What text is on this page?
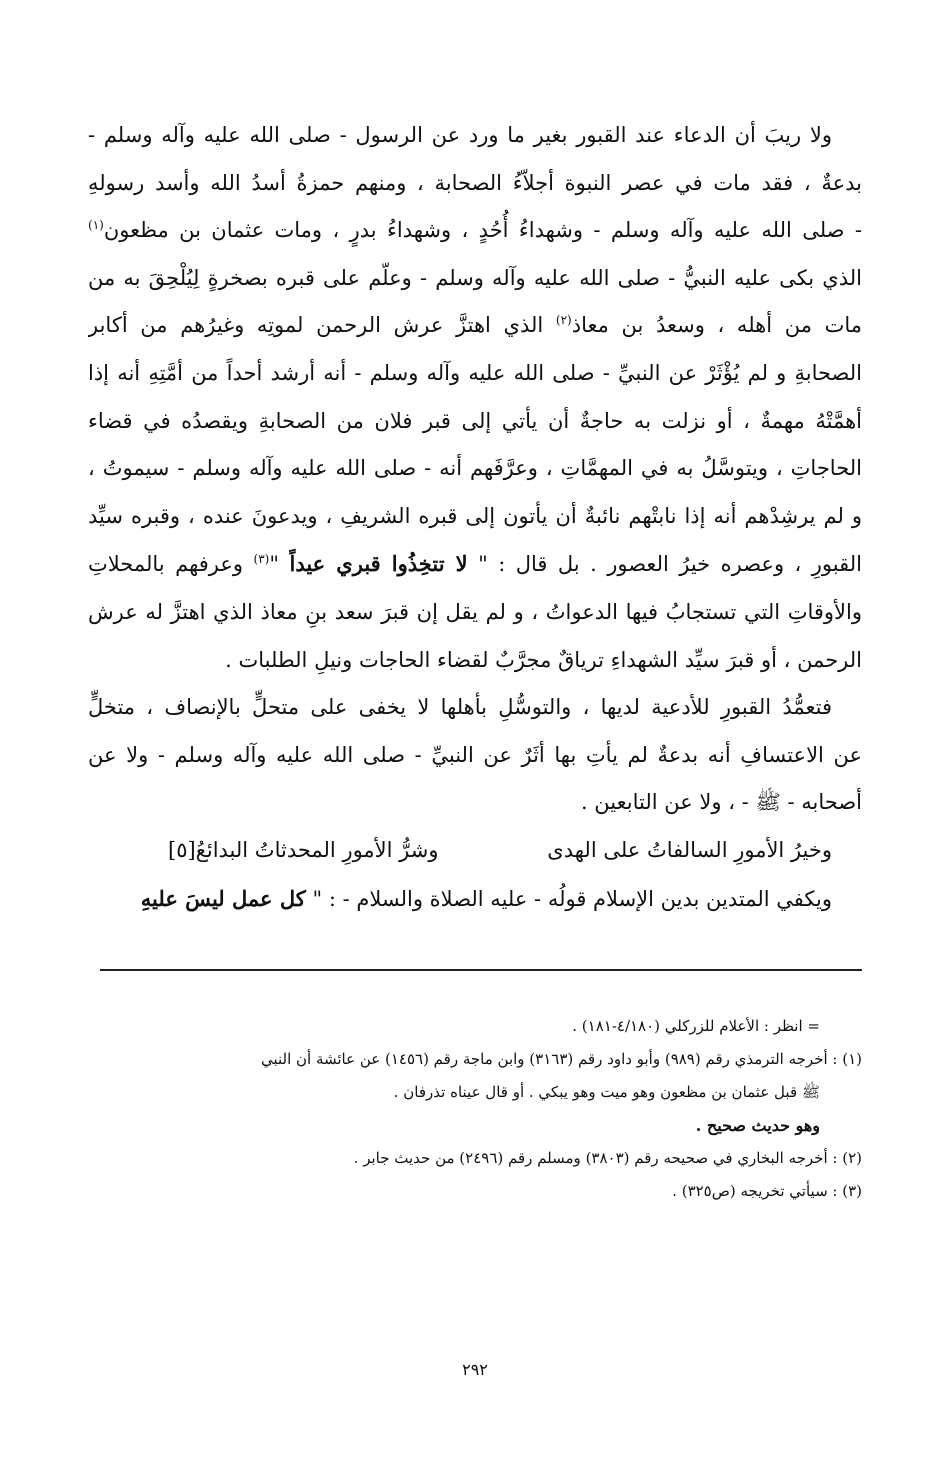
ولا ريبَ أن الدعاء عند القبور بغير ما ورد عن الرسول - صلى الله عليه وآله وسلم -
بدعةٌ ، فقد مات في عصر النبوة أجلاّءُ الصحابة ، ومنهم حمزةُ أسدُ الله وأسد رسولهِ
- صلى الله عليه وآله وسلم - وشهداءُ أُحُدٍ ، وشهداءُ بدرٍ ، ومات عثمان بن مظعون$^{(١)}$
الذي بكى عليه النبيُّ - صلى الله عليه وآله وسلم - وعلّم على قبره بصخرةٍ لِيُلْحِقَ به من
مات من أهله ، وسعدُ بن معاذ$^{(٢)}$ الذي اهتزَّ عرش الرحمن لموتِه وغيرُهم من أكابر
الصحابةِ و لم يُؤْثَرْ عن النبيِّ - صلى الله عليه وآله وسلم - أنه أرشد أحداً من أمَّتِهِ أنه إذا
أهمَّتْهُ مهمةٌ ، أو نزلت به حاجةٌ أن يأتي إلى قبر فلان من الصحابةِ ويقصدُه في قضاء
الحاجاتِ ، ويتوسَّلُ به في المهمَّاتِ ، وعرَّفَهم أنه - صلى الله عليه وآله وسلم - سيموتُ ،
و لم يرشِدْهم أنه إذا نابتْهم نائبةٌ أن يأتون إلى قبره الشريفِ ، ويدعونَ عنده ، وقبره سيِّد
القبورِ ، وعصره خيرُ العصور . بل قال : " لا تتخِذُوا قبري عيداً "$^{(٣)}$ وعرفهم بالمحلاتِ
والأوقاتِ التي تستجابُ فيها الدعواتُ ، و لم يقل إن قبرَ سعد بنِ معاذ الذي اهتزَّ له عرش
الرحمن ، أو قبرَ سيِّد الشهداءِ ترياقٌ مجرَّبٌ لقضاء الحاجات ونيلِ الطلبات .
فتعمُّدُ القبورِ للأدعية لديها ، والتوسُّلِ بأهلها لا يخفى على متحلٍّ بالإنصاف ، متخلٍّ
عن الاعتسافِ أنه بدعةٌ لم يأتِ بها أثَرٌ عن النبيِّ - صلى الله عليه وآله وسلم - ولا عن
أصحابه - ﷺ - ، ولا عن التابعين .
وخيرُ الأمورِ السالفاتُ على الهدى
وشرُّ الأمورِ المحدثاتُ البدائعُ[٥]
ويكفي المتدين بدين الإسلام قولُه - عليه الصلاة والسلام - : " كل عمل ليسَ عليهِ
= انظر : الأعلام للزركلي (٤/١٨٠-١٨١) .
(١) : أخرجه الترمذي رقم (٩٨٩) وأبو داود رقم (٣١٦٣) وابن ماجة رقم (١٤٥٦) عن عائشة أن النبي
ﷺ قبل عثمان بن مظعون وهو ميت وهو يبكي . أو قال عيناه تذرفان .
وهو حديث صحيح .
(٢) : أخرجه البخاري في صحيحه رقم (٣٨٠٣) ومسلم رقم (٢٤٩٦) من حديث جابر .
(٣) : سيأتي تخريجه (ص٣٢٥) .
٢٩٢
